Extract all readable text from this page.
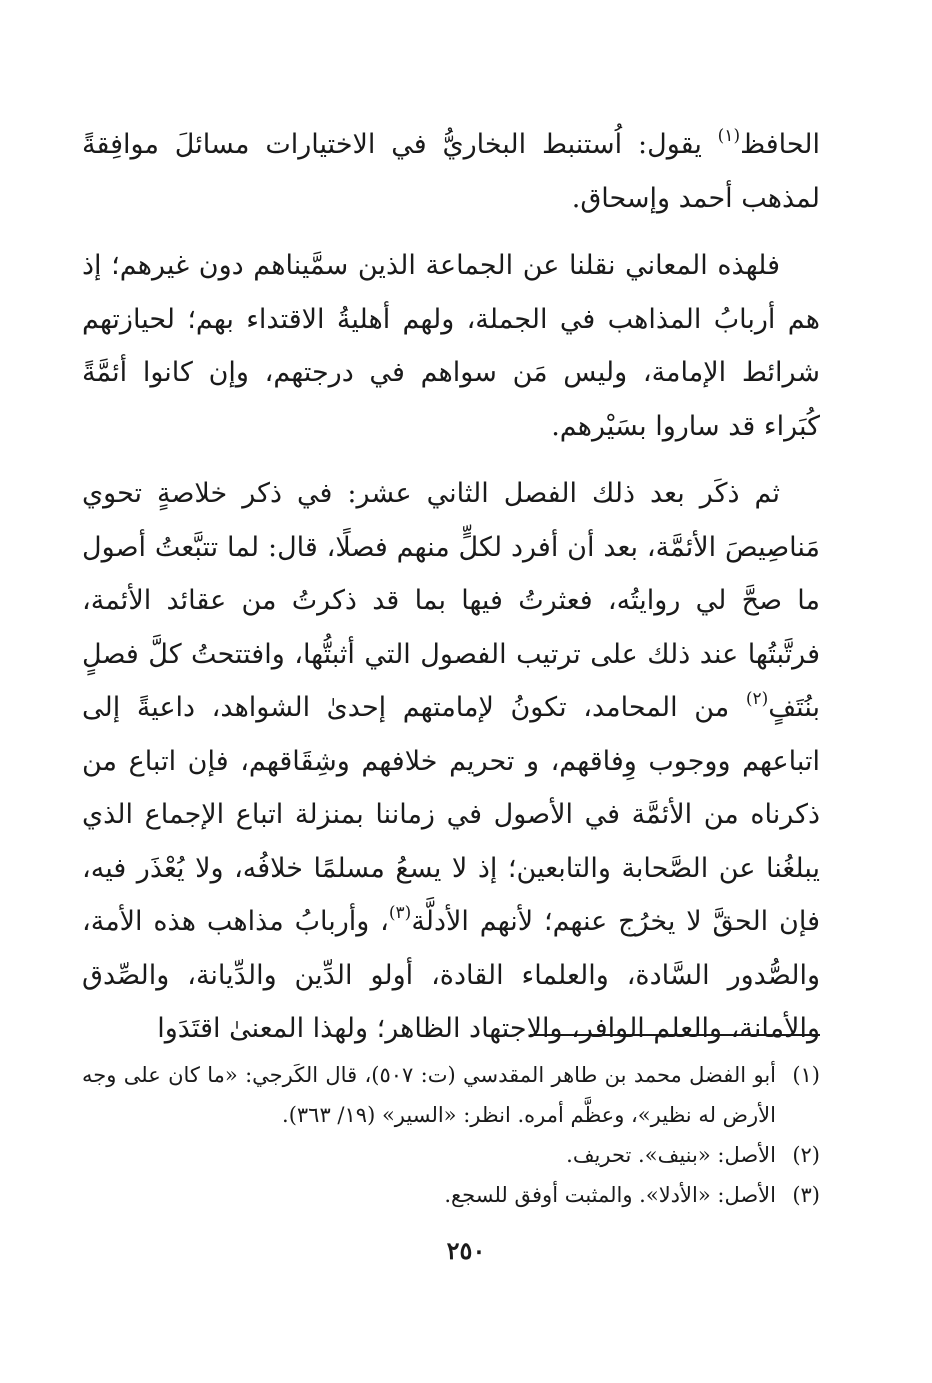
الحافظ$^{(١)}$ يقول: اُستنبط البخاريُّ في الاختيارات مسائلَ موافِقةً لمذهب أحمد وإسحاق.

فلهذه المعاني نقلنا عن الجماعة الذين سمَّيناهم دون غيرهم؛ إذ هم أربابُ المذاهب في الجملة، ولهم أهليةُ الاقتداء بهم؛ لحيازتهم شرائط الإمامة، وليس مَن سواهم في درجتهم، وإن كانوا أئمَّةً كُبَراء قد ساروا بسَيْرهم.

ثم ذكَر بعد ذلك الفصل الثاني عشر: في ذكر خلاصةٍ تحوي مَناصِيصَ الأئمَّة، بعد أن أفرد لكلٍّ منهم فصلًا، قال: لما تتبَّعتُ أصول ما صحَّ لي روايتُه، فعثرتُ فيها بما قد ذكرتُ من عقائد الأئمة، فرتَّبتُها عند ذلك على ترتيب الفصول التي أثبتُّها، وافتتحتُ كلَّ فصلٍ بنُتَفٍ$^{(٢)}$ من المحامد، تكونُ لإمامتهم إحدىٰ الشواهد، داعيةً إلى اتباعهم ووجوب وِفاقهم، و تحريم خلافهم وشِقَاقهم، فإن اتباع من ذكرناه من الأئمَّة في الأصول في زماننا بمنزلة اتباع الإجماع الذي يبلغُنا عن الصَّحابة والتابعين؛ إذ لا يسعُ مسلمًا خلافُه، ولا يُعْذَر فيه، فإن الحقَّ لا يخرُج عنهم؛ لأنهم الأدلَّة$^{(٣)}$، وأربابُ مذاهب هذه الأمة، والصُّدور السَّادة، والعلماء القادة، أولو الدِّين والدِّيانة، والصِّدق والأمانة، والعلم الوافر، والاجتهاد الظاهر؛ ولهذا المعنىٰ اقتَدَوا

(١)
أبو الفضل محمد بن طاهر المقدسي (ت: ٥٠٧)، قال الكَرجي: «ما كان على وجه الأرض له نظير»، وعظَّم أمره. انظر: «السير» (١٩/ ٣٦٣).
(٢)
الأصل: «بنيف». تحريف.
(٣)
الأصل: «الأدلا». والمثبت أوفق للسجع.
٢٥٠
